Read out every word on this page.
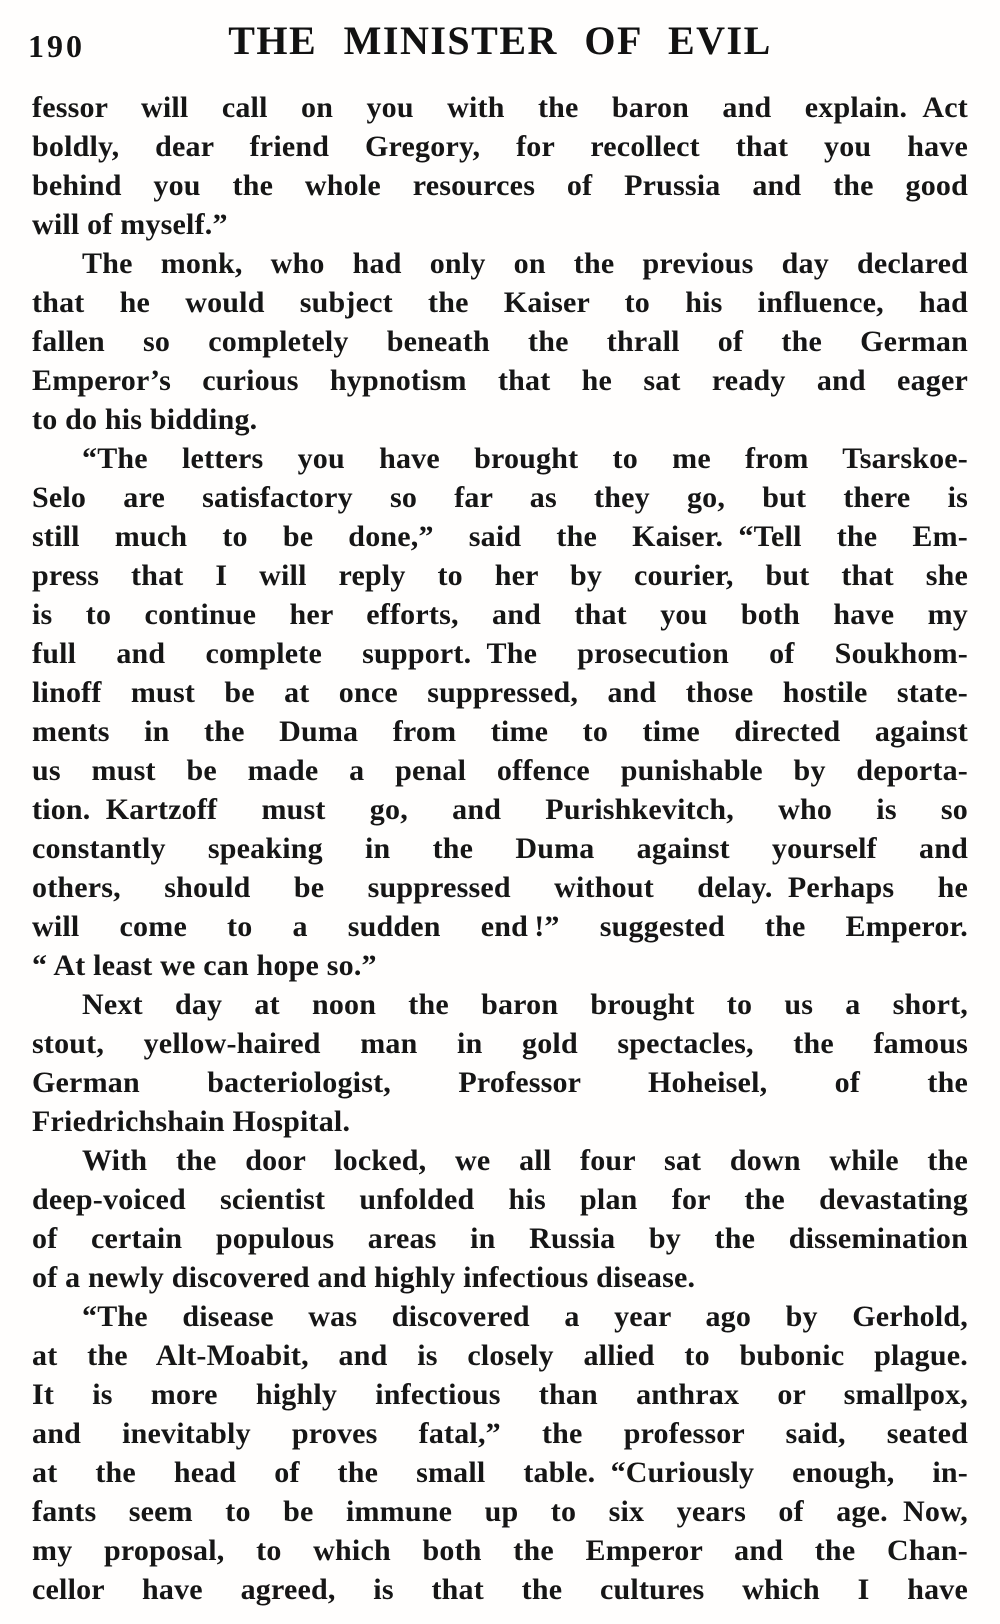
190	THE MINISTER OF EVIL
fessor will call on you with the baron and explain. Act
boldly, dear friend Gregory, for recollect that you have
behind you the whole resources of Prussia and the good
will of myself.”
The monk, who had only on the previous day declared
that he would subject the Kaiser to his influence, had
fallen so completely beneath the thrall of the German
Emperor’s curious hypnotism that he sat ready and eager
to do his bidding.
“The letters you have brought to me from Tsarskoe-
Selo are satisfactory so far as they go, but there is
still much to be done,” said the Kaiser. “Tell the Em-
press that I will reply to her by courier, but that she
is to continue her efforts, and that you both have my
full and complete support. The prosecution of Soukhom-
linoff must be at once suppressed, and those hostile state-
ments in the Duma from time to time directed against
us must be made a penal offence punishable by deporta-
tion. Kartzoff must go, and Purishkevitch, who is so
constantly speaking in the Duma against yourself and
others, should be suppressed without delay. Perhaps he
will come to a sudden end !” suggested the Emperor.
“ At least we can hope so.”
Next day at noon the baron brought to us a short,
stout, yellow-haired man in gold spectacles, the famous
German bacteriologist, Professor Hoheisel, of the
Friedrichshain Hospital.
With the door locked, we all four sat down while the
deep-voiced scientist unfolded his plan for the devastating
of certain populous areas in Russia by the dissemination
of a newly discovered and highly infectious disease.
“The disease was discovered a year ago by Gerhold,
at the Alt-Moabit, and is closely allied to bubonic plague.
It is more highly infectious than anthrax or smallpox,
and inevitably proves fatal,” the professor said, seated
at the head of the small table. “Curiously enough, in-
fants seem to be immune up to six years of age. Now,
my proposal, to which both the Emperor and the Chan-
cellor have agreed, is that the cultures which I have
